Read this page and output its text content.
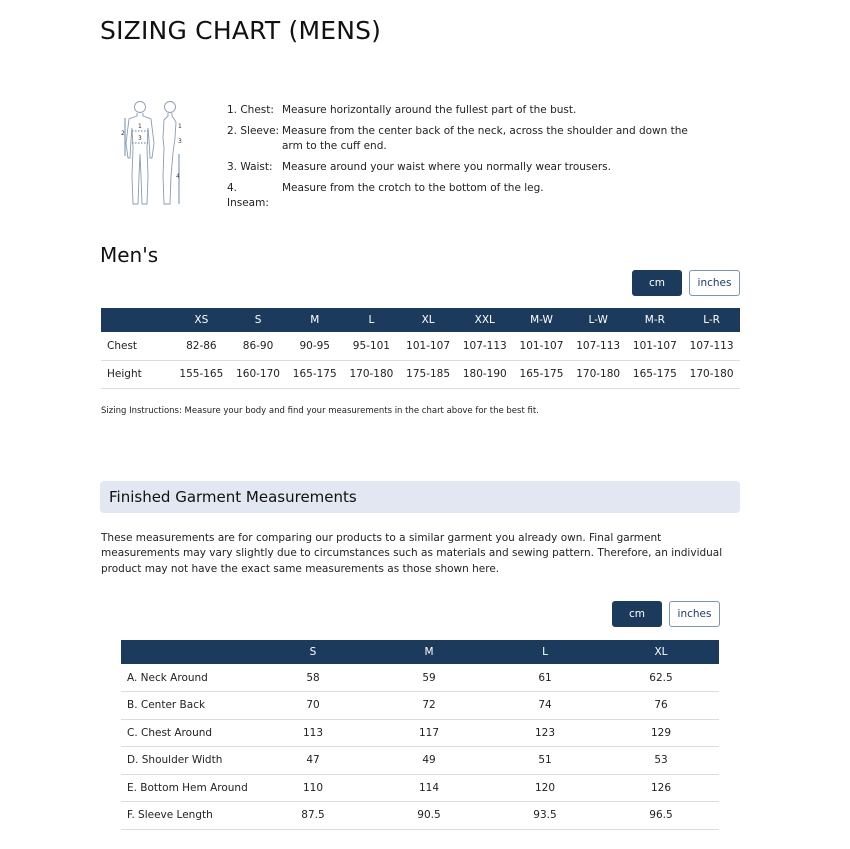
SIZING CHART (MENS)
1
2
3
1
3
4
1. Chest: Measure horizontally around the fullest part of the bust.
2. Sleeve: Measure from the center back of the neck, across the shoulder and down the arm to the cuff end.
3. Waist: Measure around your waist where you normally wear trousers.
4. Inseam:
Measure from the crotch to the bottom of the leg.
Men's
cm	inches
	XS	S	M	L	XL	XXL	M-W	L-W	M-R	L-R
Chest	82-86	86-90	90-95	95-101	101-107	107-113	101-107	107-113	101-107	107-113
Height	155-165	160-170	165-175	170-180	175-185	180-190	165-175	170-180	165-175	170-180

Sizing Instructions: Measure your body and find your measurements in the chart above for the best fit.

Finished Garment Measurements

These measurements are for comparing our products to a similar garment you already own. Final garment measurements may vary slightly due to circumstances such as materials and sewing pattern. Therefore, an individual product may not have the exact same measurements as those shown here.

cm	inches
	S	M	L	XL
A. Neck Around	58	59	61	62.5
B. Center Back	70	72	74	76
C. Chest Around	113	117	123	129
D. Shoulder Width	47	49	51	53
E. Bottom Hem Around	110	114	120	126
F. Sleeve Length	87.5	90.5	93.5	96.5
